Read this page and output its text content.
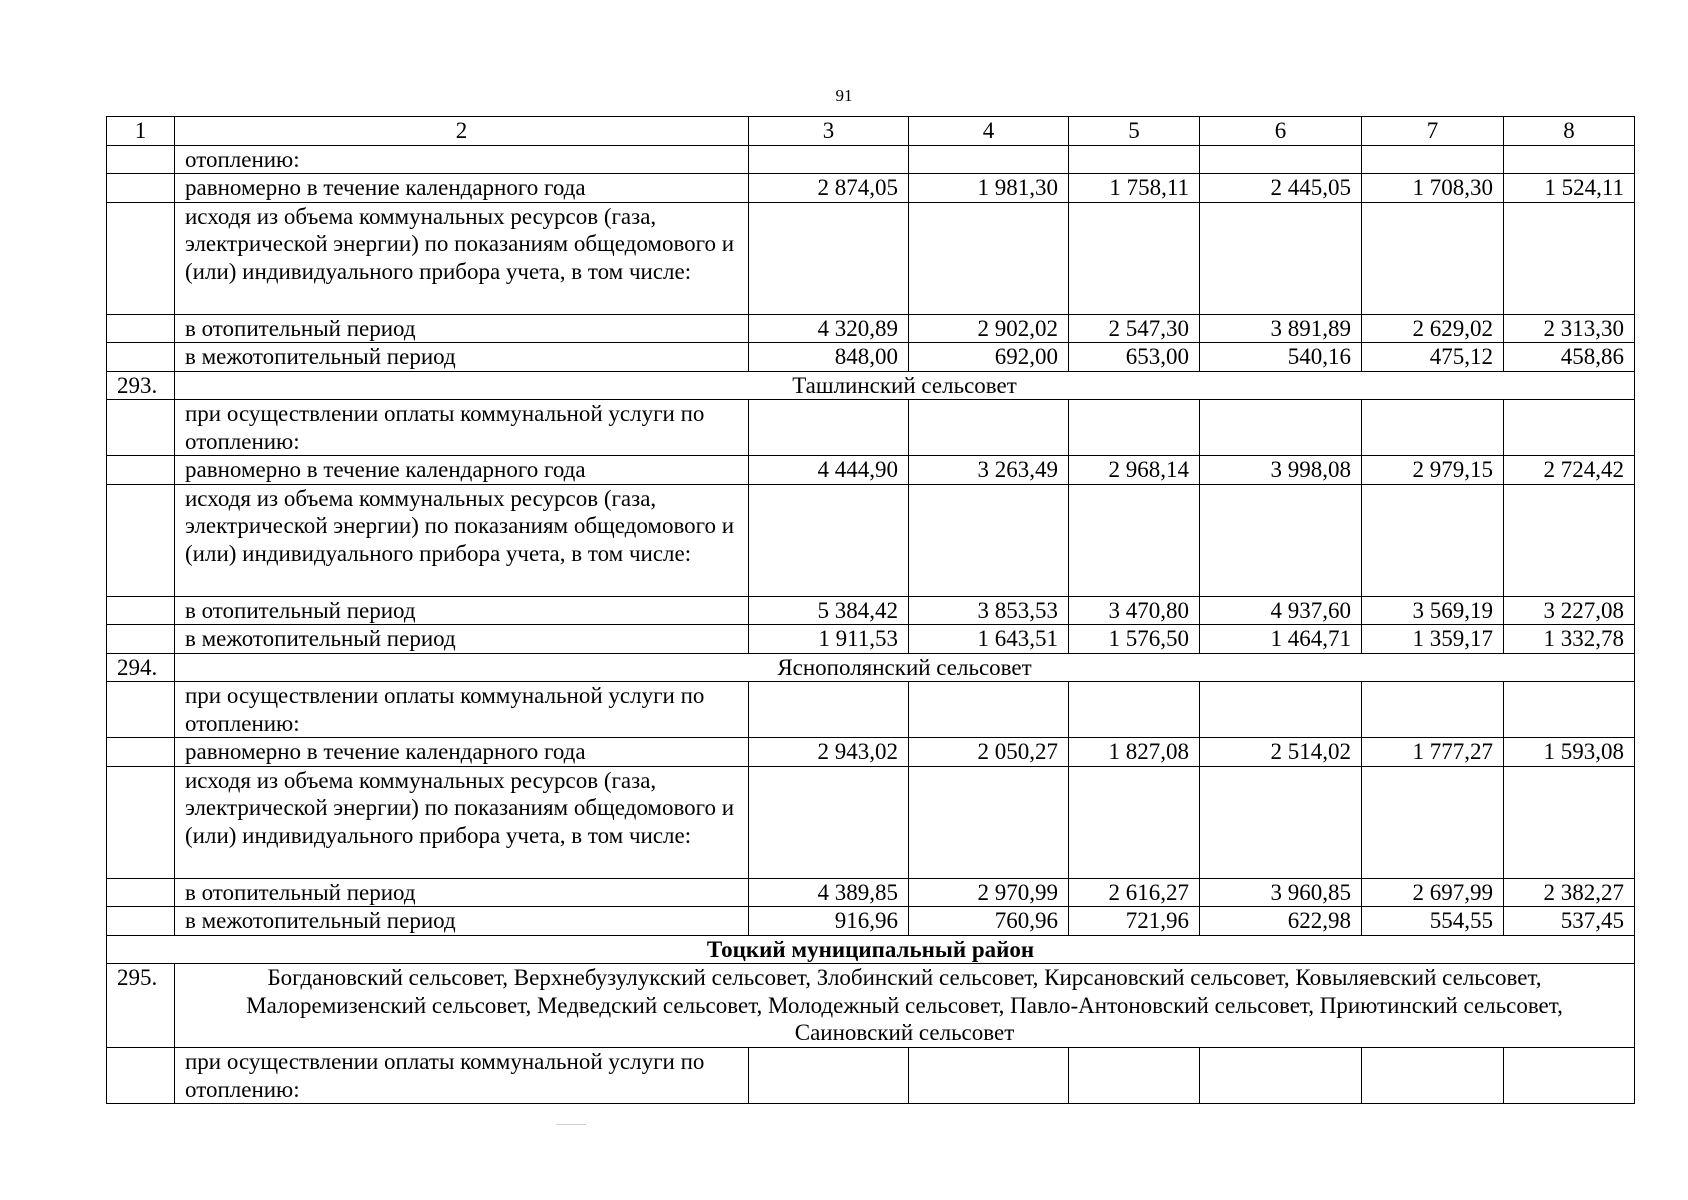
91
1	2	3	4	5	6	7	8
	отоплению:						
	равномерно в течение календарного года	2 874,05	1 981,30	1 758,11	2 445,05	1 708,30	1 524,11
	исходя из объема коммунальных ресурсов (газа, электрической энергии) по показаниям общедомового и (или) индивидуального прибора учета, в том числе:						
	в отопительный период	4 320,89	2 902,02	2 547,30	3 891,89	2 629,02	2 313,30
	в межотопительный период	848,00	692,00	653,00	540,16	475,12	458,86
293.	Ташлинский сельсовет						
	при осуществлении оплаты коммунальной услуги по отоплению:						
	равномерно в течение календарного года	4 444,90	3 263,49	2 968,14	3 998,08	2 979,15	2 724,42
	исходя из объема коммунальных ресурсов (газа, электрической энергии) по показаниям общедомового и (или) индивидуального прибора учета, в том числе:						
	в отопительный период	5 384,42	3 853,53	3 470,80	4 937,60	3 569,19	3 227,08
	в межотопительный период	1 911,53	1 643,51	1 576,50	1 464,71	1 359,17	1 332,78
294.	Яснополянский сельсовет						
	при осуществлении оплаты коммунальной услуги по отоплению:						
	равномерно в течение календарного года	2 943,02	2 050,27	1 827,08	2 514,02	1 777,27	1 593,08
	исходя из объема коммунальных ресурсов (газа, электрической энергии) по показаниям общедомового и (или) индивидуального прибора учета, в том числе:						
	в отопительный период	4 389,85	2 970,99	2 616,27	3 960,85	2 697,99	2 382,27
	в межотопительный период	916,96	760,96	721,96	622,98	554,55	537,45
Тоцкий муниципальный район							
295.	Богдановский сельсовет, Верхнебузулукский сельсовет, Злобинский сельсовет, Кирсановский сельсовет, Ковыляевский сельсовет, Малоремизенский сельсовет, Медведский сельсовет, Молодежный сельсовет, Павло-Антоновский сельсовет, Приютинский сельсовет, Саиновский сельсовет						
	при осуществлении оплаты коммунальной услуги по отоплению:						
